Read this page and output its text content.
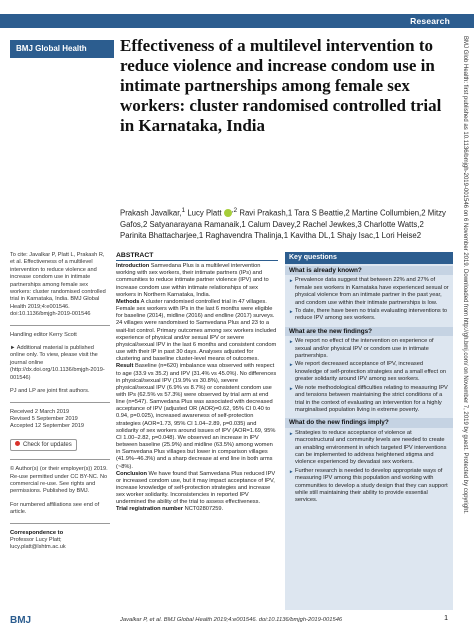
Research
BMJ Global Health	Effectiveness of a multilevel intervention to reduce violence and increase condom use in intimate partnerships among female sex workers: cluster randomised controlled trial in Karnataka, India
Prakash Javalkar,$^1$ Lucy Platt $^{,2}$ Ravi Prakash,1 Tara S Beattie,2 Martine Collumbien,2 Mitzy Gafos,2 Satyanarayana Ramanaik,1 Calum Davey,2 Rachel Jewkes,3 Charlotte Watts,2 Parinita Bhattacharjee,1 Raghavendra Thalinja,1 Kavitha DL,1 Shajy Isac,1 Lori Heise2
To cite: Javalkar P, Platt L, Prakash R, et al. Effectiveness of a multilevel intervention to reduce violence and increase condom use in intimate partnerships among female sex workers: cluster randomised controlled trial in Karnataka, India. BMJ Global Health 2019;4:e001546. doi:10.1136/bmjgh-2019-001546
Handling editor Kerry Scott
► Additional material is published online only. To view, please visit the journal online (http://dx.doi.org/10.1136/bmjgh-2019-001546)
PJ and LP are joint first authors.
Received 2 March 2019
Revised 5 September 2019
Accepted 12 September 2019
Check for updates
© Author(s) (or their employer(s)) 2019. Re-use permitted under CC BY-NC. No commercial re-use. See rights and permissions. Published by BMJ.
For numbered affiliations see end of article.
Correspondence to
Professor Lucy Platt;
lucy.platt@lshtm.ac.uk
ABSTRACT

Introduction Samvedana Plus is a multilevel intervention working with sex workers, their intimate partners (IPs) and communities to reduce intimate partner violence (IPV) and to increase condom use within intimate relationships of sex workers in Northern Karnataka, India.

Methods A cluster randomised controlled trial in 47 villages. Female sex workers with IPs in the last 6 months were eligible for baseline (2014), midline (2016) and endline (2017) surveys. 24 villages were randomised to Samvedana Plus and 23 to a wait-list control. Primary outcomes among sex workers included experience of physical and/or sexual IPV or severe physical/sexual IPV in the last 6 months and consistent condom use with their IP in past 30 days. Analyses adjusted for clustering and baseline cluster-level means of outcomes.

Result Baseline (n=620) imbalance was observed with respect to age (33.9 vs 35.2) and IPV (31.4% vs 45.0%). No differences in physical/sexual IPV (19.9% vs 30.8%), severe physical/sexual IPV (6.9% vs 8.7%) or consistent condom use with IPs (62.5% vs 57.3%) were observed by trial arm at end line (n=547). Samvedana Plus was associated with decreased acceptance of IPV (adjusted OR (AOR)=0.62, 95% CI 0.40 to 0.94, p=0.025), increased awareness of self-protection strategies (AOR=1.73, 95% CI 1.04–2.89, p=0.035) and solidarity of sex workers around issues of IPV (AOR=1.69, 95% CI 1.00–2.82, p=0.048). We observed an increase in IPV between baseline (25.9%) and midline (63.5%) among women in Samvedana Plus villages but lower in comparison villages (41.9%–46.3%) and a sharp decrease at end line in both arms (~8%).

Conclusion We have found that Samvedana Plus reduced IPV or increased condom use, but it may impact acceptance of IPV, increase knowledge of self-protection strategies and increase sex worker solidarity. Inconsistencies in reported IPV undermined the ability of the trial to assess effectiveness.

Trial registration number NCT02807259.

Key questions
What is already known?
► Prevalence data suggest that between 22% and 27% of female sex workers in Karnataka have experienced sexual or physical violence from an intimate partner in the past year, and condom use within their intimate partnerships is low.
► To date, there have been no trials evaluating interventions to reduce IPV among sex workers.
What are the new findings?
► We report no effect of the intervention on experience of sexual and/or physical IPV or condom use in intimate partnerships.
► We report decreased acceptance of IPV, increased knowledge of self-protection strategies and a small effect on greater solidarity around IPV among sex workers.
► We note methodological difficulties relating to measuring IPV and tensions between maintaining the strict conditions of a trial in the context of evaluating an intervention for a highly marginalised population living in extreme poverty.
What do the new findings imply?
► Strategies to reduce acceptance of violence at macrostructural and community levels are needed to create an enabling environment in which targeted IPV interventions can be implemented to address heightened stigma and violence experienced by devadasi sex workers.
► Further research is needed to develop appropriate ways of measuring IPV among this population and working with communities to develop a study design that they can support while still maintaining their ability to provide essential services.	BMJ Glob Health: first published as 10.1136/bmjgh-2019-001546 on 6 November 2019. Downloaded from http://gh.bmj.com/ on November 7, 2019 by guest. Protected by copyright.
BMJ	Javalkar P, et al. BMJ Global Health 2019;4:e001546. doi:10.1136/bmjgh-2019-001546	1
